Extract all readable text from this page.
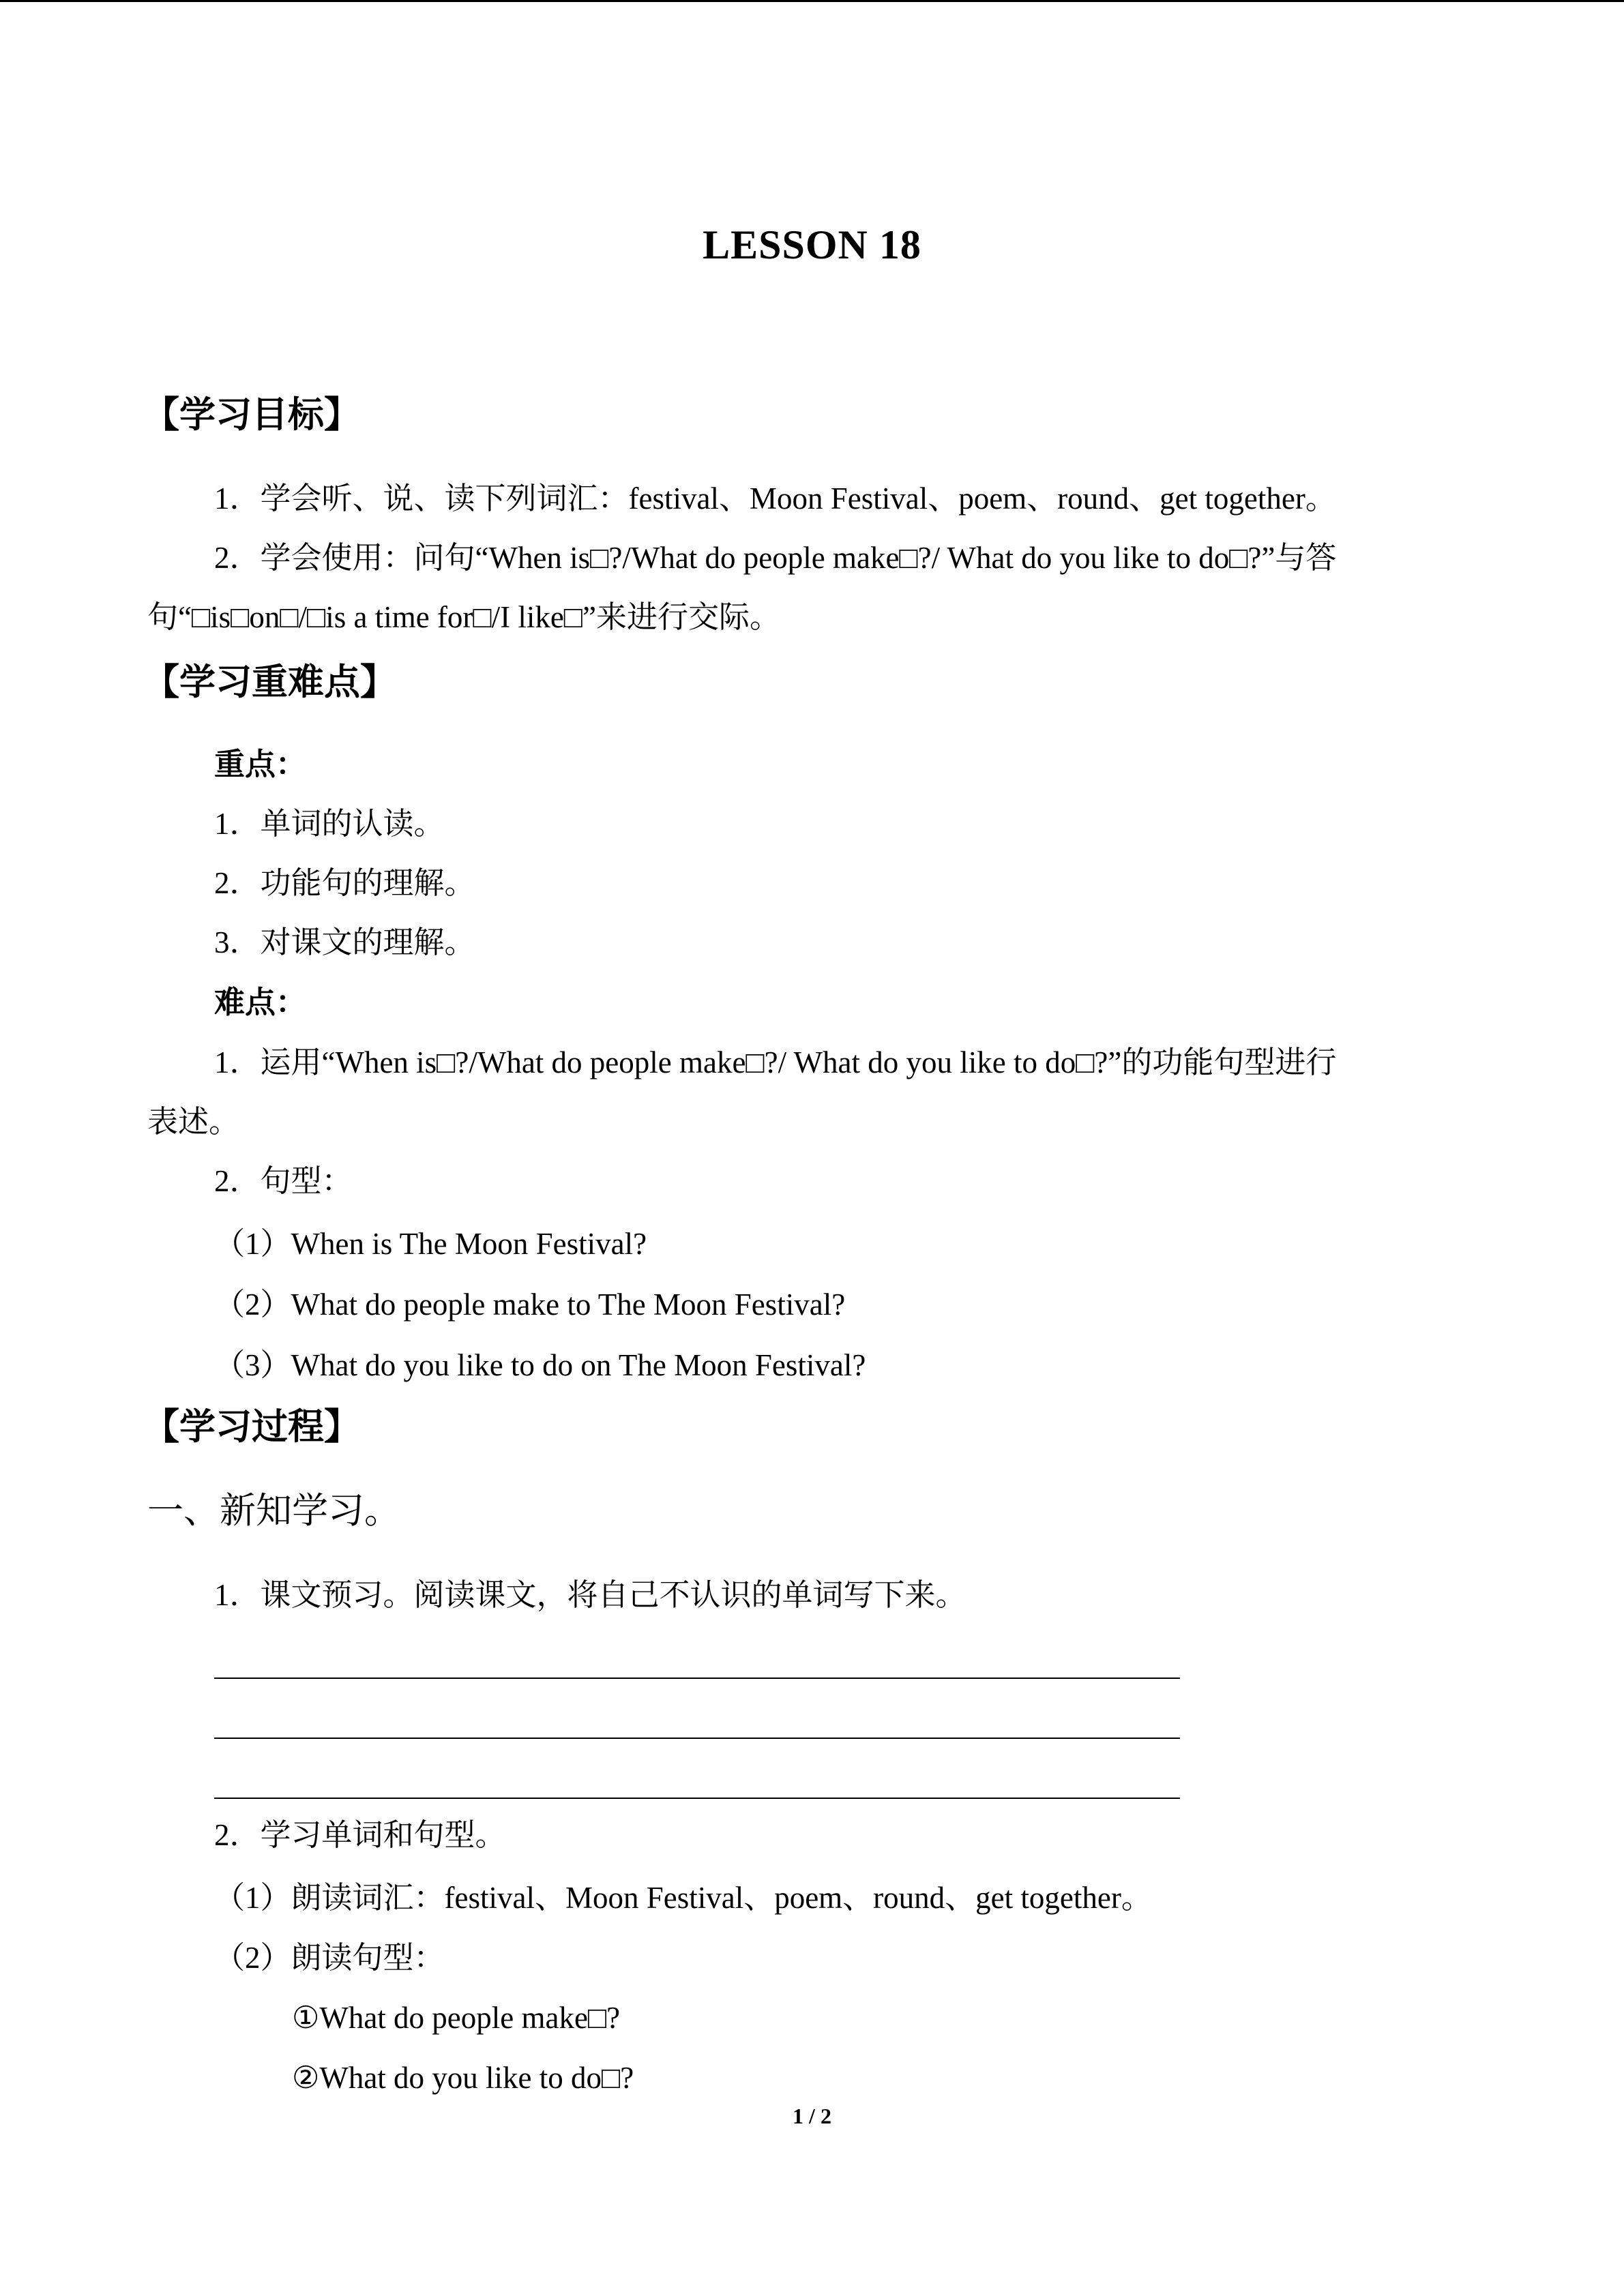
LESSON 18
【学习目标】
1．学会听、说、读下列词汇：festival、Moon Festival、poem、round、get together。
2．学会使用：问句“When is□?/What do people make□?/ What do you like to do□?”与答
句“□is□on□/□is a time for□/I like□”来进行交际。
【学习重难点】
重点：
1．单词的认读。
2．功能句的理解。
3．对课文的理解。
难点：
1．运用“When is□?/What do people make□?/ What do you like to do□?”的功能句型进行
表述。
2．句型：
（1）When is The Moon Festival?
（2）What do people make to The Moon Festival?
（3）What do you like to do on The Moon Festival?
【学习过程】
一、新知学习。
1．课文预习。阅读课文，将自己不认识的单词写下来。
2．学习单词和句型。
（1）朗读词汇：festival、Moon Festival、poem、round、get together。
（2）朗读句型：
①What do people make□?
②What do you like to do□?
1 / 2
